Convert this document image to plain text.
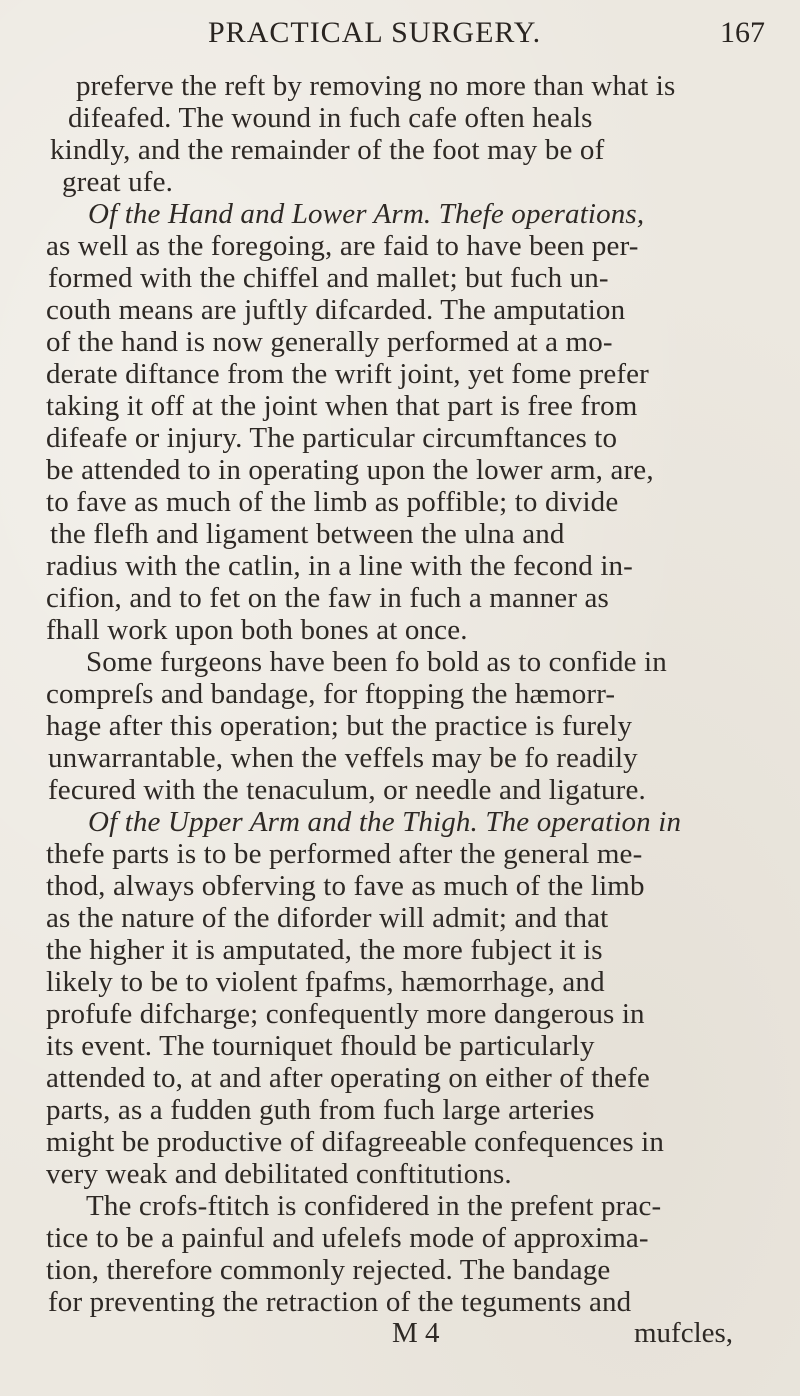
PRACTICAL SURGERY.	167
preferve the reft by removing no more than what is
difeafed. The wound in fuch cafe often heals
kindly, and the remainder of the foot may be of
great ufe.
Of the Hand and Lower Arm. Thefe operations,
as well as the foregoing, are faid to have been per-
formed with the chiffel and mallet; but fuch un-
couth means are juftly difcarded. The amputation
of the hand is now generally performed at a mo-
derate diftance from the wrift joint, yet fome prefer
taking it off at the joint when that part is free from
difeafe or injury. The particular circumftances to
be attended to in operating upon the lower arm, are,
to fave as much of the limb as poffible; to divide
the flefh and ligament between the ulna and
radius with the catlin, in a line with the fecond in-
cifion, and to fet on the faw in fuch a manner as
fhall work upon both bones at once.
Some furgeons have been fo bold as to confide in
compreſs and bandage, for ftopping the hæmorr-
hage after this operation; but the practice is furely
unwarrantable, when the veffels may be fo readily
fecured with the tenaculum, or needle and ligature.
Of the Upper Arm and the Thigh. The operation in
thefe parts is to be performed after the general me-
thod, always obferving to fave as much of the limb
as the nature of the diforder will admit; and that
the higher it is amputated, the more fubject it is
likely to be to violent fpafms, hæmorrhage, and
profufe difcharge; confequently more dangerous in
its event. The tourniquet fhould be particularly
attended to, at and after operating on either of thefe
parts, as a fudden guth from fuch large arteries
might be productive of difagreeable confequences in
very weak and debilitated conftitutions.
The crofs-ftitch is confidered in the prefent prac-
tice to be a painful and ufelefs mode of approxima-
tion, therefore commonly rejected. The bandage
for preventing the retraction of the teguments and
M 4	mufcles,
